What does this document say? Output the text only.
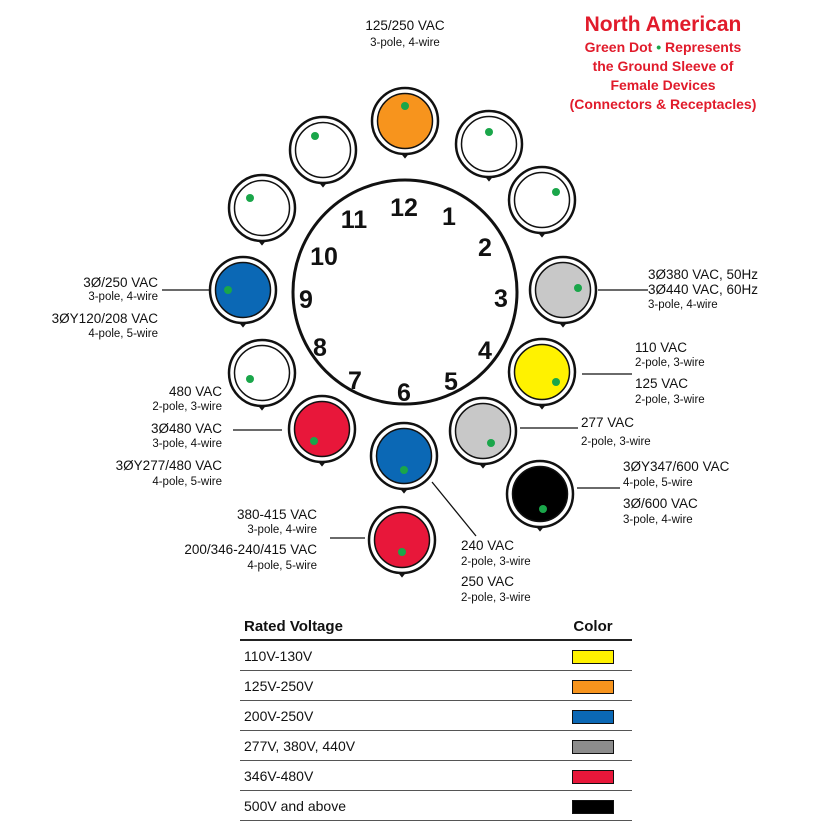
North American
Green Dot • Represents
the Ground Sleeve of
Female Devices
(Connectors & Receptacles)
12 1
2
3
4
5
6
7
8
9
10
11
125/250 VAC
3-pole, 4-wire
3Ø380 VAC, 50Hz
3Ø440 VAC, 60Hz
3-pole, 4-wire
110 VAC
2-pole, 3-wire
125 VAC
2-pole, 3-wire
277 VAC
2-pole, 3-wire
240 VAC
2-pole, 3-wire
250 VAC
2-pole, 3-wire
480 VAC
2-pole, 3-wire
3Ø480 VAC
3-pole, 4-wire
3ØY277/480 VAC
4-pole, 5-wire
3Ø/250 VAC
3-pole, 4-wire
3ØY120/208 VAC
4-pole, 5-wire
3ØY347/600 VAC
4-pole, 5-wire
3Ø/600 VAC
3-pole, 4-wire
380-415 VAC
3-pole, 4-wire
200/346-240/415 VAC
4-pole, 5-wire
Rated Voltage	Color
110V-130V	
125V-250V	
200V-250V	
277V, 380V, 440V	
346V-480V	
500V and above	
